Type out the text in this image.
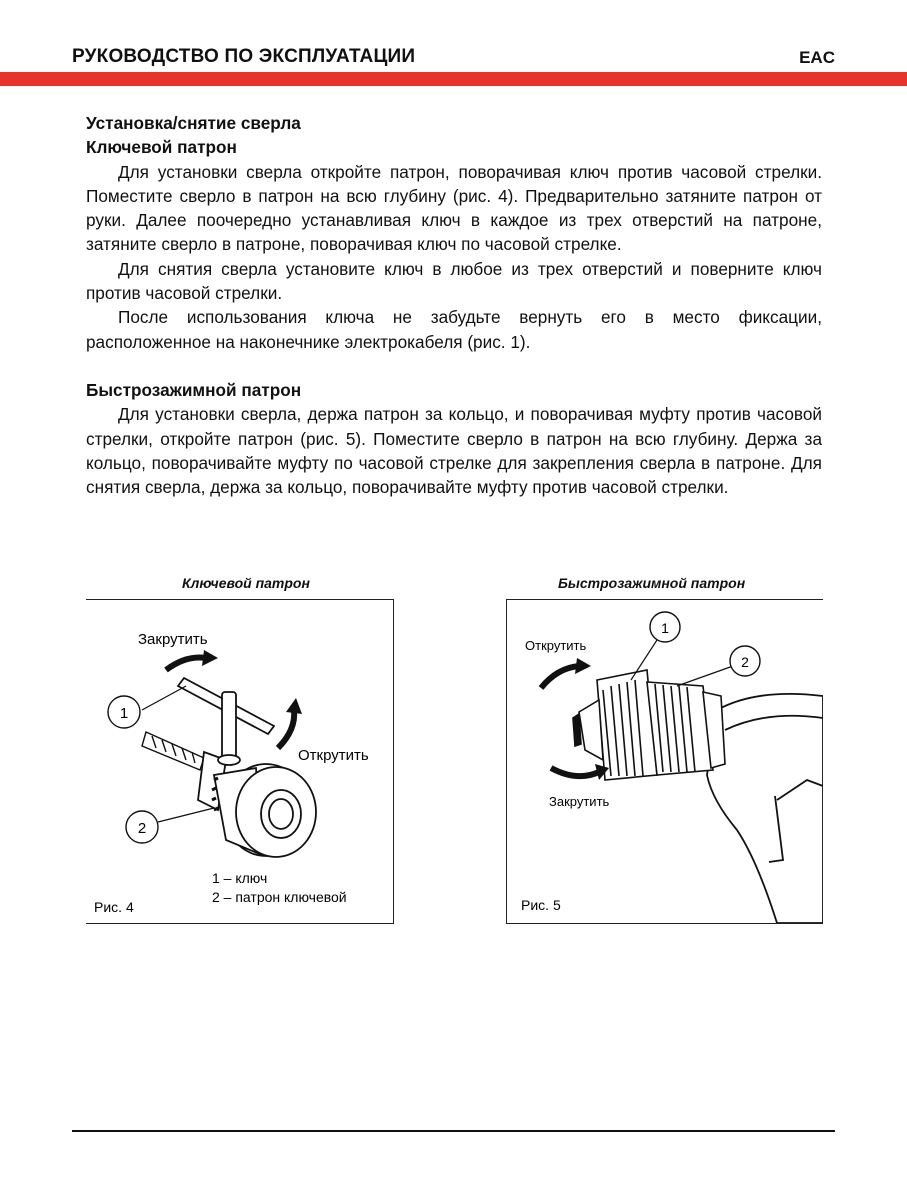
РУКОВОДСТВО ПО ЭКСПЛУАТАЦИИ	EAC
Установка/снятие сверла
Ключевой патрон

Для установки сверла откройте патрон, поворачивая ключ против часовой стрелки. Поместите сверло в патрон на всю глубину (рис. 4). Предварительно затяните патрон от руки. Далее поочередно устанавливая ключ в каждое из трех отверстий на патроне, затяните сверло в патроне, поворачивая ключ по часовой стрелке.

Для снятия сверла установите ключ в любое из трех отверстий и поверните ключ против часовой стрелки.

После использования ключа не забудьте вернуть его в место фиксации, расположенное на наконечнике электрокабеля (рис. 1).

Быстрозажимной патрон

Для установки сверла, держа патрон за кольцо, и поворачивая муфту против часовой стрелки, откройте патрон (рис. 5). Поместите сверло в патрон на всю глубину. Держа за кольцо, поворачивайте муфту по часовой стрелке для закрепления сверла в патроне. Для снятия сверла, держа за кольцо, поворачивайте муфту против часовой стрелки.

Ключевой патрон
1
2
Закрутить
Открутить
1 – ключ
2 – патрон ключевой
Рис. 4
Быстрозажимной патрон
1
2
Открутить
Закрутить
Рис. 5
